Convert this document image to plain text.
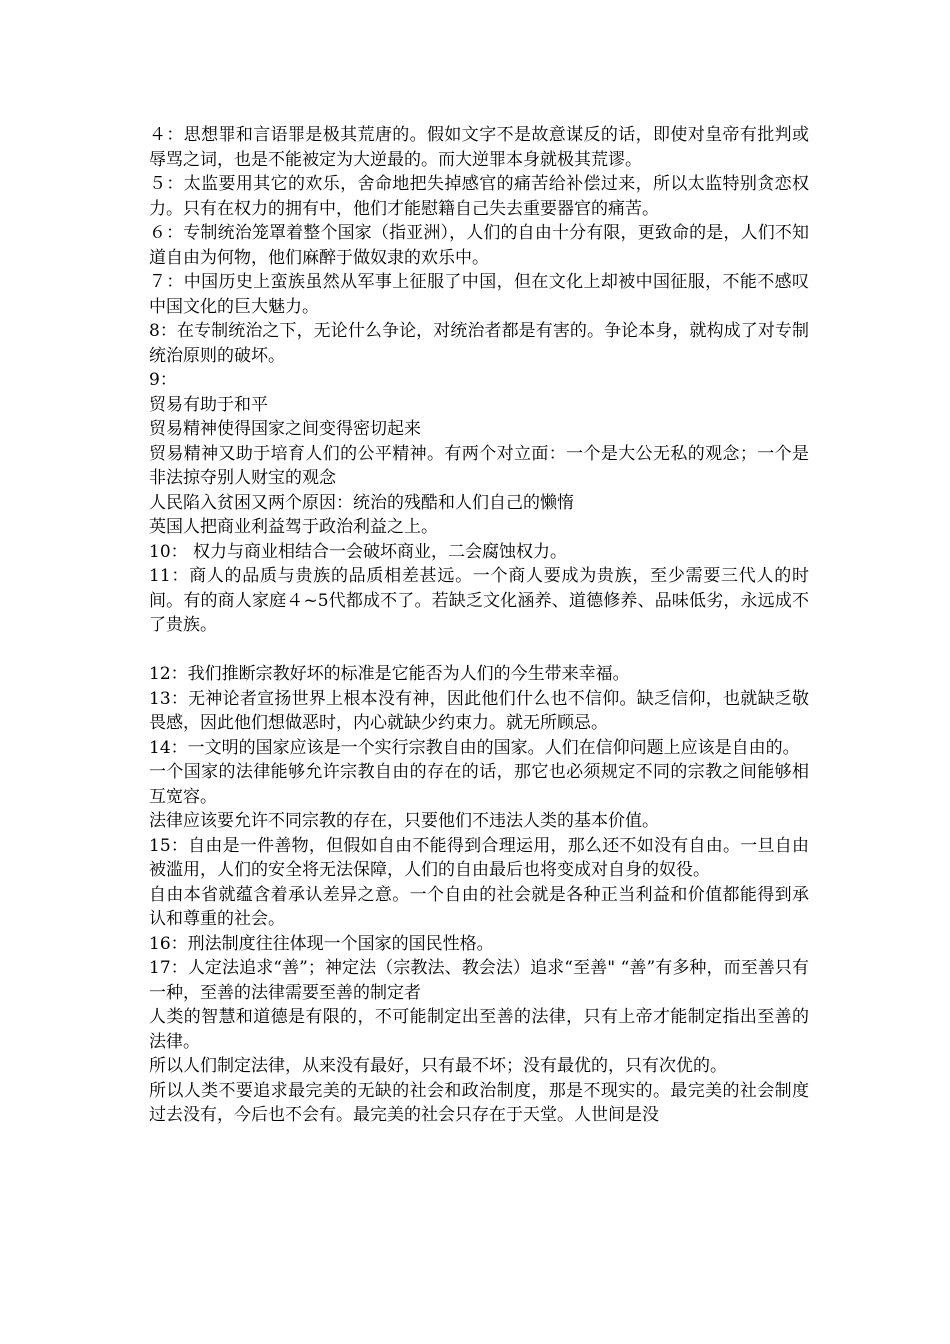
４：思想罪和言语罪是极其荒唐的。假如文字不是故意谋反的话，即使对皇帝有批判或辱骂之词，也是不能被定为大逆最的。而大逆罪本身就极其荒谬。

５：太监要用其它的欢乐，舍命地把失掉感官的痛苦给补偿过来，所以太监特别贪恋权力。只有在权力的拥有中，他们才能慰籍自己失去重要器官的痛苦。

６：专制统治笼罩着整个国家（指亚洲），人们的自由十分有限，更致命的是，人们不知道自由为何物，他们麻醉于做奴隶的欢乐中。

７：中国历史上蛮族虽然从军事上征服了中国，但在文化上却被中国征服，不能不感叹中国文化的巨大魅力。

8：在专制统治之下，无论什么争论，对统治者都是有害的。争论本身，就构成了对专制统治原则的破坏。

9：

贸易有助于和平

贸易精神使得国家之间变得密切起来

贸易精神又助于培育人们的公平精神。有两个对立面：一个是大公无私的观念；一个是非法掠夺别人财宝的观念

人民陷入贫困又两个原因：统治的残酷和人们自己的懒惰

英国人把商业利益驾于政治利益之上。

10： 权力与商业相结合一会破坏商业，二会腐蚀权力。

11：商人的品质与贵族的品质相差甚远。一个商人要成为贵族，至少需要三代人的时间。有的商人家庭４~5代都成不了。若缺乏文化涵养、道德修养、品味低劣，永远成不了贵族。

12：我们推断宗教好坏的标准是它能否为人们的今生带来幸福。

13：无神论者宣扬世界上根本没有神，因此他们什么也不信仰。缺乏信仰，也就缺乏敬畏感，因此他们想做恶时，内心就缺少约束力。就无所顾忌。

14：一文明的国家应该是一个实行宗教自由的国家。人们在信仰问题上应该是自由的。

一个国家的法律能够允许宗教自由的存在的话，那它也必须规定不同的宗教之间能够相互宽容。

法律应该要允许不同宗教的存在，只要他们不违法人类的基本价值。

15：自由是一件善物，但假如自由不能得到合理运用，那么还不如没有自由。一旦自由被滥用，人们的安全将无法保障，人们的自由最后也将变成对自身的奴役。

自由本省就蕴含着承认差异之意。一个自由的社会就是各种正当利益和价值都能得到承认和尊重的社会。

16：刑法制度往往体现一个国家的国民性格。

17：人定法追求“善”；神定法（宗教法、教会法）追求“至善" “善”有多种，而至善只有一种，至善的法律需要至善的制定者

人类的智慧和道德是有限的，不可能制定出至善的法律，只有上帝才能制定指出至善的法律。

所以人们制定法律，从来没有最好，只有最不坏；没有最优的，只有次优的。

所以人类不要追求最完美的无缺的社会和政治制度，那是不现实的。最完美的社会制度过去没有，今后也不会有。最完美的社会只存在于天堂。人世间是没
